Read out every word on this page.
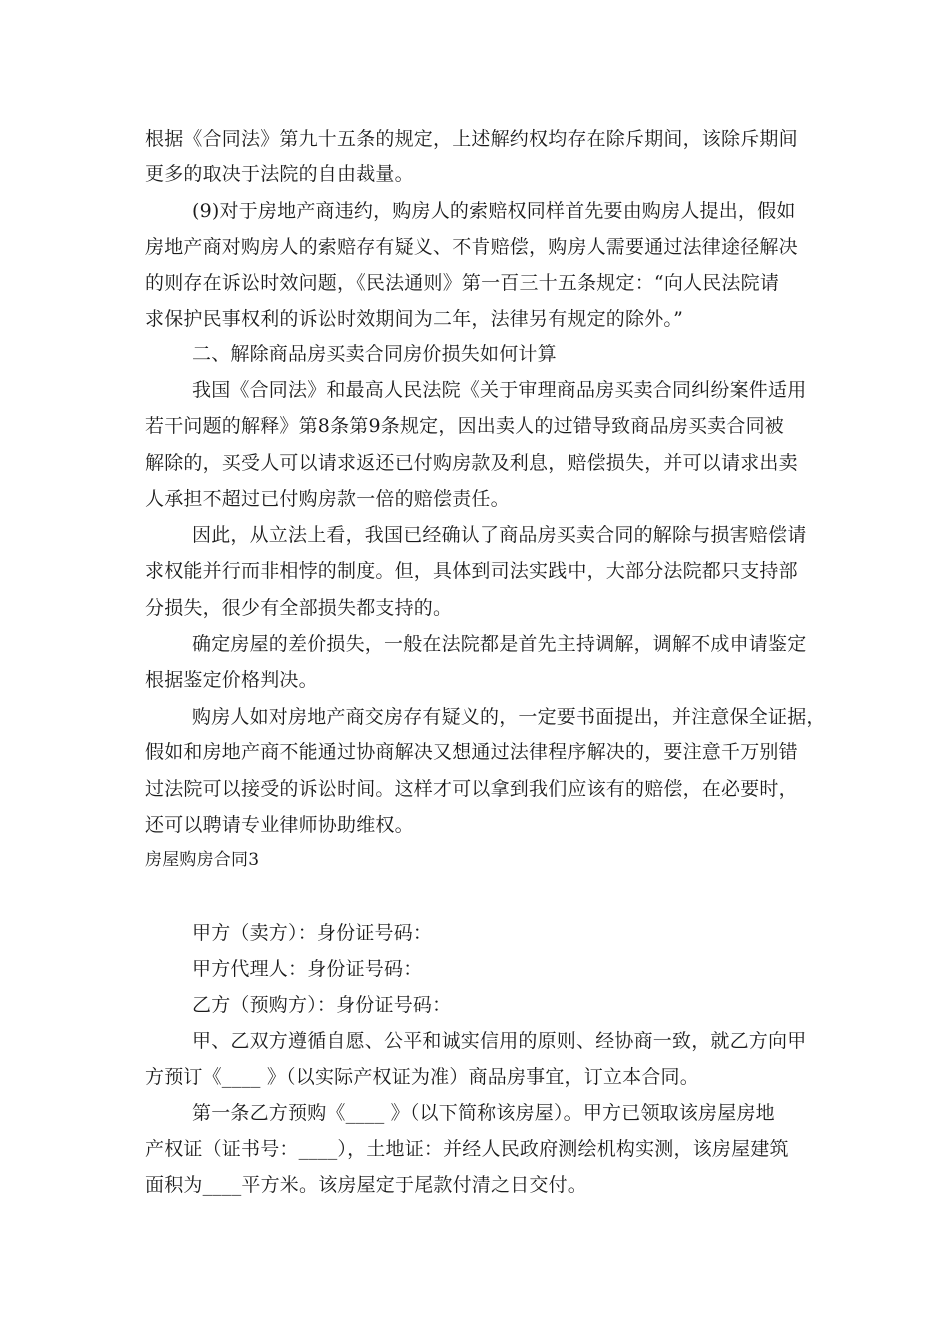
根据《合同法》第九十五条的规定，上述解约权均存在除斥期间，该除斥期间
更多的取决于法院的自由裁量。
(9)对于房地产商违约，购房人的索赔权同样首先要由购房人提出，假如
房地产商对购房人的索赔存有疑义、不肯赔偿，购房人需要通过法律途径解决
的则存在诉讼时效问题，《民法通则》第一百三十五条规定：“向人民法院请
求保护民事权利的诉讼时效期间为二年，法律另有规定的除外。”
二、解除商品房买卖合同房价损失如何计算
我国《合同法》和最高人民法院《关于审理商品房买卖合同纠纷案件适用
若干问题的解释》第8条第9条规定，因出卖人的过错导致商品房买卖合同被
解除的，买受人可以请求返还已付购房款及利息，赔偿损失，并可以请求出卖
人承担不超过已付购房款一倍的赔偿责任。
因此，从立法上看，我国已经确认了商品房买卖合同的解除与损害赔偿请
求权能并行而非相悖的制度。但，具体到司法实践中，大部分法院都只支持部
分损失，很少有全部损失都支持的。
确定房屋的差价损失，一般在法院都是首先主持调解，调解不成申请鉴定
根据鉴定价格判决。
购房人如对房地产商交房存有疑义的，一定要书面提出，并注意保全证据，
假如和房地产商不能通过协商解决又想通过法律程序解决的，要注意千万别错
过法院可以接受的诉讼时间。这样才可以拿到我们应该有的赔偿，在必要时，
还可以聘请专业律师协助维权。
房屋购房合同3
甲方（卖方）：身份证号码：
甲方代理人：身份证号码：
乙方（预购方）：身份证号码：
甲、乙双方遵循自愿、公平和诚实信用的原则、经协商一致，就乙方向甲
方预订《____ 》（以实际产权证为准）商品房事宜，订立本合同。
第一条乙方预购《____ 》（以下简称该房屋）。甲方已领取该房屋房地
产权证（证书号：____），土地证：并经人民政府测绘机构实测，该房屋建筑
面积为____平方米。该房屋定于尾款付清之日交付。
